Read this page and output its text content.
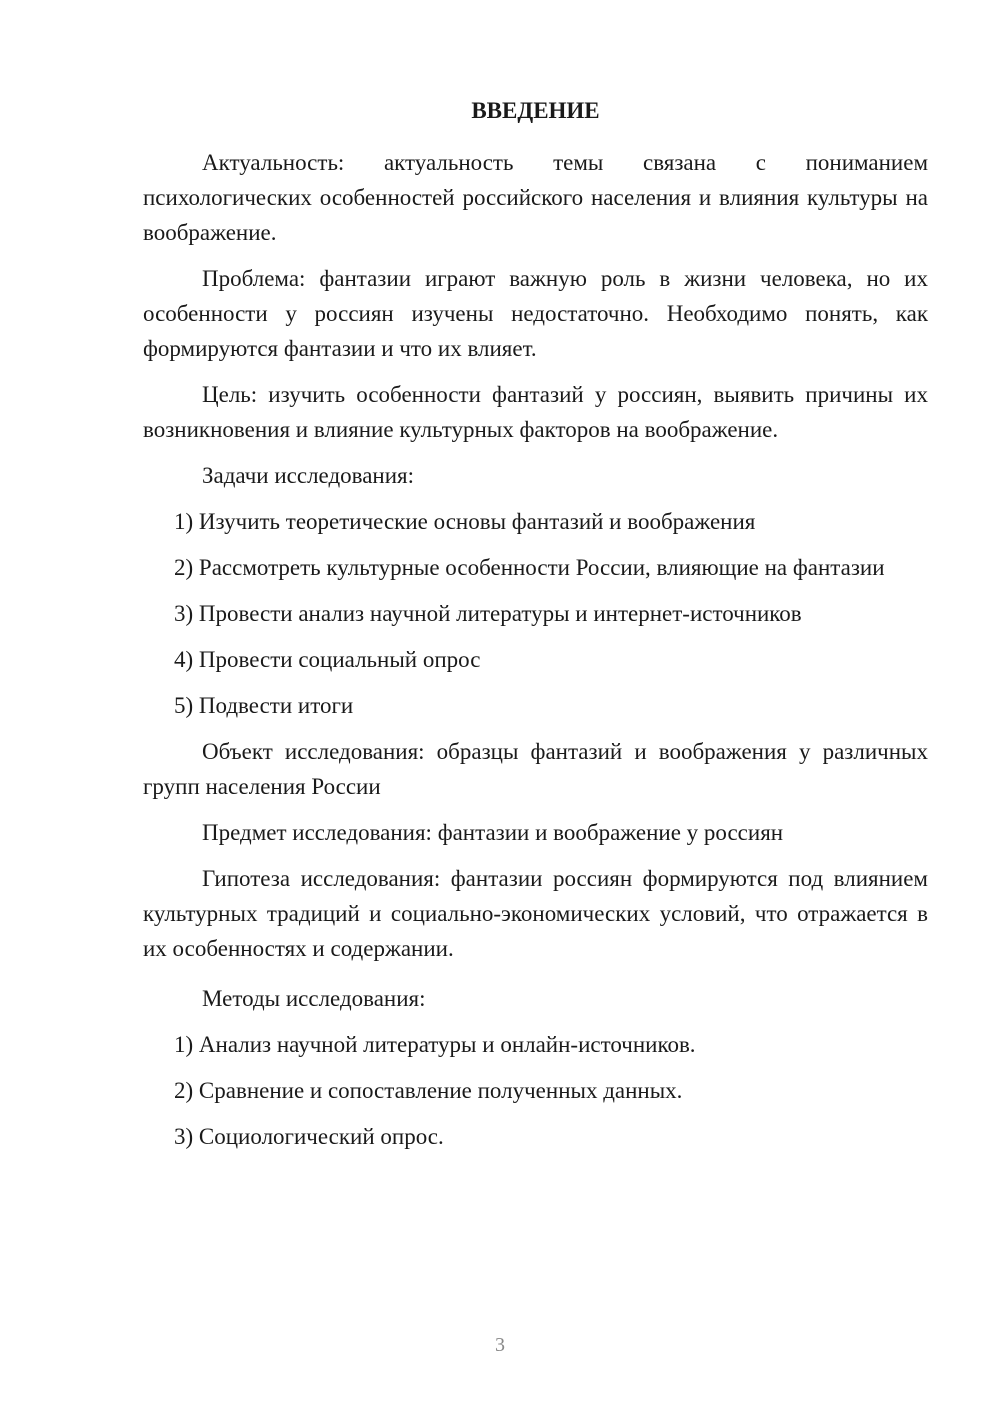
ВВЕДЕНИЕ

Актуальность: актуальность темы связана с пониманием психологических особенностей российского населения и влияния культуры на воображение.

Проблема: фантазии играют важную роль в жизни человека, но их особенности у россиян изучены недостаточно. Необходимо понять, как формируются фантазии и что их влияет.

Цель: изучить особенности фантазий у россиян, выявить причины их возникновения и влияние культурных факторов на воображение.

Задачи исследования:

1) Изучить теоретические основы фантазий и воображения

2) Рассмотреть культурные особенности России, влияющие на фантазии

3) Провести анализ научной литературы и интернет-источников

4) Провести социальный опрос

5) Подвести итоги

Объект исследования: образцы фантазий и воображения у различных групп населения России

Предмет исследования: фантазии и воображение у россиян

Гипотеза исследования: фантазии россиян формируются под влиянием культурных традиций и социально-экономических условий, что отражается в их особенностях и содержании.

Методы исследования:

1) Анализ научной литературы и онлайн-источников.

2) Сравнение и сопоставление полученных данных.

3) Социологический опрос.

3
